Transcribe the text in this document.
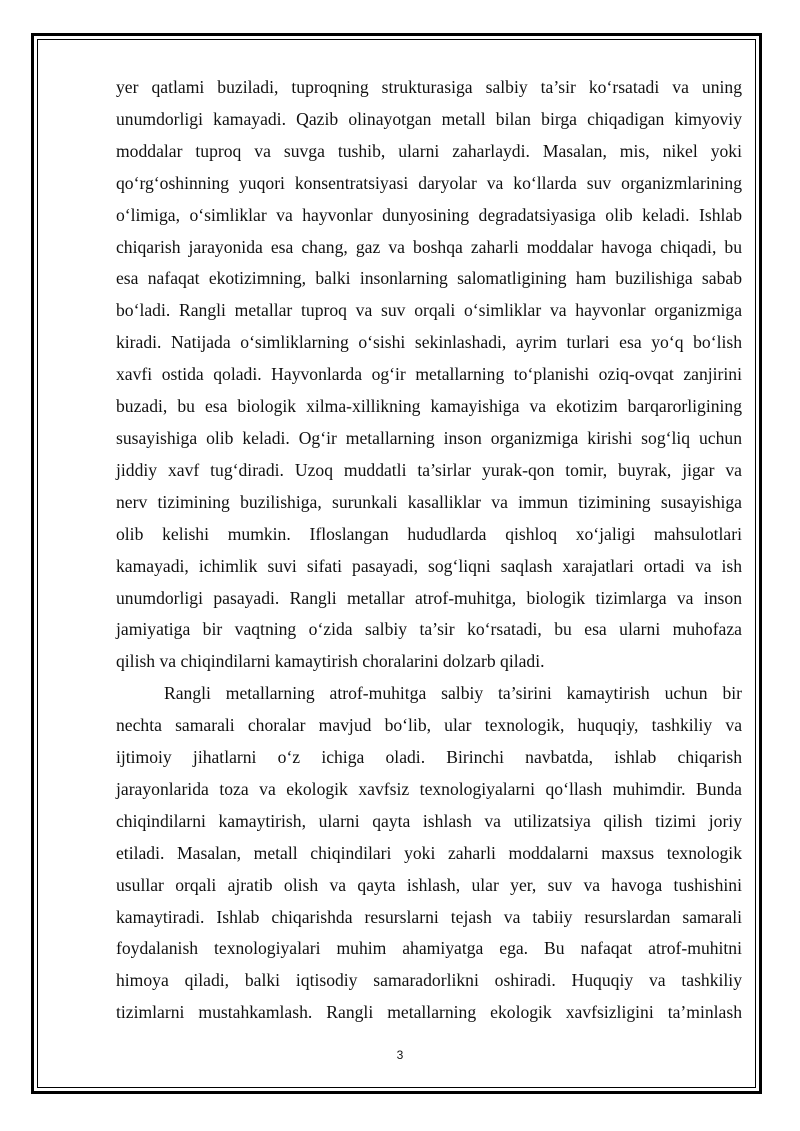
yer qatlami buziladi, tuproqning strukturasiga salbiy ta’sir ko‘rsatadi va uning
unumdorligi kamayadi. Qazib olinayotgan metall bilan birga chiqadigan kimyoviy
moddalar tuproq va suvga tushib, ularni zaharlaydi. Masalan, mis, nikel yoki
qo‘rg‘oshinning yuqori konsentratsiyasi daryolar va ko‘llarda suv organizmlarining
o‘limiga, o‘simliklar va hayvonlar dunyosining degradatsiyasiga olib keladi. Ishlab
chiqarish jarayonida esa chang, gaz va boshqa zaharli moddalar havoga chiqadi, bu
esa nafaqat ekotizimning, balki insonlarning salomatligining ham buzilishiga sabab
bo‘ladi. Rangli metallar tuproq va suv orqali o‘simliklar va hayvonlar organizmiga
kiradi. Natijada o‘simliklarning o‘sishi sekinlashadi, ayrim turlari esa yo‘q bo‘lish
xavfi ostida qoladi. Hayvonlarda og‘ir metallarning to‘planishi oziq-ovqat zanjirini
buzadi, bu esa biologik xilma-xillikning kamayishiga va ekotizim barqarorligining
susayishiga olib keladi. Og‘ir metallarning inson organizmiga kirishi sog‘liq uchun
jiddiy xavf tug‘diradi. Uzoq muddatli ta’sirlar yurak-qon tomir, buyrak, jigar va
nerv tizimining buzilishiga, surunkali kasalliklar va immun tizimining susayishiga
olib kelishi mumkin. Ifloslangan hududlarda qishloq xo‘jaligi mahsulotlari
kamayadi, ichimlik suvi sifati pasayadi, sog‘liqni saqlash xarajatlari ortadi va ish
unumdorligi pasayadi. Rangli metallar atrof-muhitga, biologik tizimlarga va inson
jamiyatiga bir vaqtning o‘zida salbiy ta’sir ko‘rsatadi, bu esa ularni muhofaza
qilish va chiqindilarni kamaytirish choralarini dolzarb qiladi.

Rangli metallarning atrof-muhitga salbiy ta’sirini kamaytirish uchun bir
nechta samarali choralar mavjud bo‘lib, ular texnologik, huquqiy, tashkiliy va
ijtimoiy jihatlarni o‘z ichiga oladi. Birinchi navbatda, ishlab chiqarish
jarayonlarida toza va ekologik xavfsiz texnologiyalarni qo‘llash muhimdir. Bunda
chiqindilarni kamaytirish, ularni qayta ishlash va utilizatsiya qilish tizimi joriy
etiladi. Masalan, metall chiqindilari yoki zaharli moddalarni maxsus texnologik
usullar orqali ajratib olish va qayta ishlash, ular yer, suv va havoga tushishini
kamaytiradi. Ishlab chiqarishda resurslarni tejash va tabiiy resurslardan samarali
foydalanish texnologiyalari muhim ahamiyatga ega. Bu nafaqat atrof-muhitni
himoya qiladi, balki iqtisodiy samaradorlikni oshiradi. Huquqiy va tashkiliy
tizimlarni mustahkamlash. Rangli metallarning ekologik xavfsizligini ta’minlash

3
